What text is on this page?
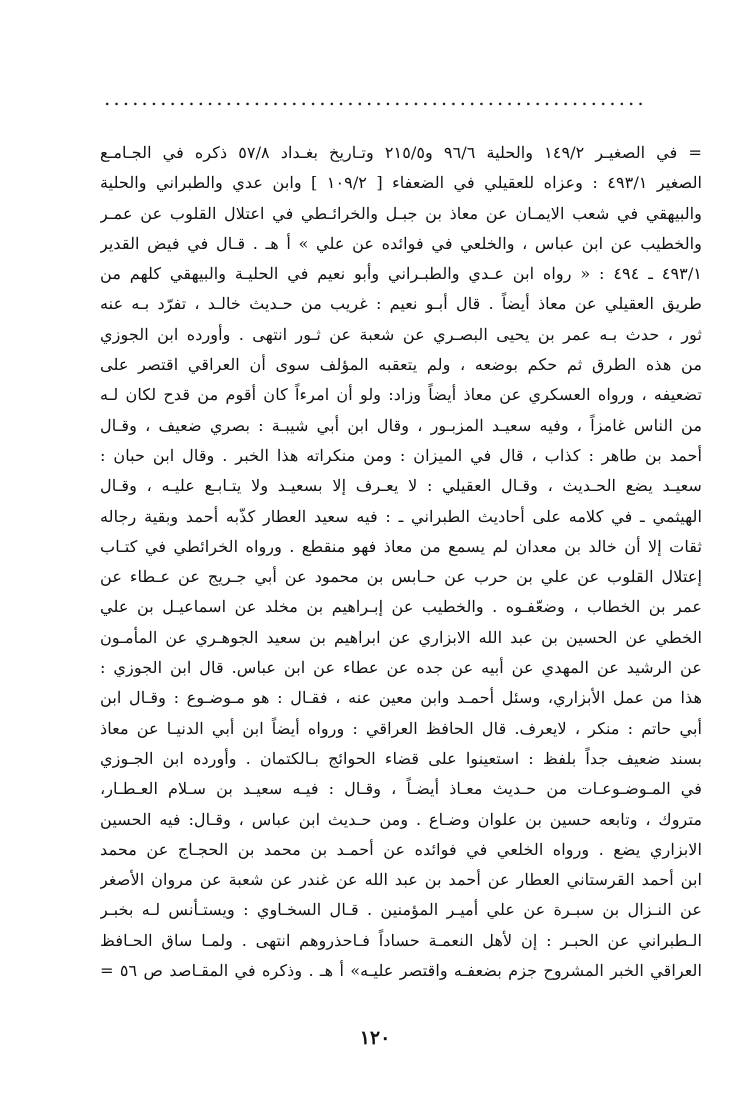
..........................................................
= في الصغيـر ١٤٩/٢ والحلية ٩٦/٦ و٢١٥/٥ وتـاريخ بغـداد ٥٧/٨ ذكره في الجـامـع
الصغير ٤٩٣/١ : وعزاه للعقيلي في الضعفاء [ ١٠٩/٢ ] وابن عدي والطبراني والحلية
والبيهقي في شعب الايمـان عن معاذ بن جبـل والخرائـطي في اعتلال القلوب عن عمـر
والخطيب عن ابن عباس ، والخلعي في فوائده عن علي » أ هـ . قـال في فيض القدير
٤٩٣/١ ـ ٤٩٤ : « رواه ابن عـدي والطبـراني وأبو نعيم في الحليـة والبيهقي كلهم من
طريق العقيلي عن معاذ أيضاً . قال أبـو نعيم : غريب من حـديث خالـد ، تفرّد بـه عنه
ثور ، حدث بـه عمر بن يحيى البصـري عن شعبة عن ثـور انتهى . وأورده ابن الجوزي
من هذه الطرق ثم حكم بوضعه ، ولم يتعقبه المؤلف سوى أن العراقي اقتصر على
تضعيفه ، ورواه العسكري عن معاذ أيضاً وزاد: ولو أن امرءاً كان أقوم من قدح لكان لـه
من الناس غامزاً ، وفيه سعيـد المزبـور ، وقال ابن أبي شيبـة : بصري ضعيف ، وقـال
أحمد بن طاهر : كذاب ، قال في الميزان : ومن منكراته هذا الخبر . وقال ابن حبان :
سعيـد يضع الحـديث ، وقـال العقيلي : لا يعـرف إلا بسعيـد ولا يتـابـع عليـه ، وقـال
الهيثمي ـ في كلامه على أحاديث الطبراني ـ : فيه سعيد العطار كذّبه أحمد وبقية رجاله
ثقات إلا أن خالد بن معدان لم يسمع من معاذ فهو منقطع . ورواه الخرائطي في كتـاب
إعتلال القلوب عن علي بن حرب عن حـابس بن محمود عن أبي جـريج عن عـطاء عن
عمر بن الخطاب ، وضعّفـوه . والخطيب عن إبـراهيم بن مخلد عن اسماعيـل بن علي
الخطي عن الحسين بن عبد الله الابزاري عن ابراهيم بن سعيد الجوهـري عن المأمـون
عن الرشيد عن المهدي عن أبيه عن جده عن عطاء عن ابن عباس. قال ابن الجوزي :
هذا من عمل الأبزاري، وسئل أحمـد وابن معين عنه ، فقـال : هو مـوضـوع : وقـال ابن
أبي حاتم : منكر ، لايعرف. قال الحافظ العراقي : ورواه أيضاً ابن أبي الدنيـا عن معاذ
بسند ضعيف جداً بلفظ : استعينوا على قضاء الحوائج بـالكتمان . وأورده ابن الجـوزي
في المـوضـوعـات من حـديث معـاذ أيضـاً ، وقـال : فيـه سعيـد بن سـلام العـطـار،
متروك ، وتابعه حسين بن علوان وضـاع . ومن حـديث ابن عباس ، وقـال: فيه الحسين
الابزاري يضع . ورواه الخلعي في فوائده عن أحمـد بن محمد بن الحجـاج عن محمد
ابن أحمد القرستاني العطار عن أحمد بن عبد الله عن غندر عن شعبة عن مروان الأصغر
عن النـزال بن سبـرة عن علي أميـر المؤمنين . قـال السخـاوي : ويستـأنس لـه بخبـر
الـطبراني عن الحبـر : إن لأهل النعمـة حساداً فـاحذروهم انتهى . ولمـا ساق الحـافظ
العراقي الخبر المشروح جزم بضعفـه واقتصر عليـه» أ هـ . وذكره في المقـاصد ص ٥٦ =
١٢٠
